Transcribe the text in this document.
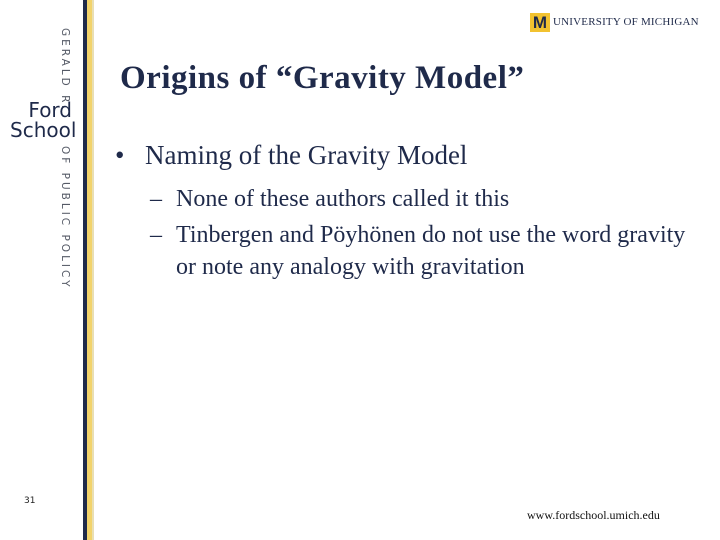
GERALD R.
Ford
School
OF PUBLIC POLICY
M UNIVERSITY OF MICHIGAN
Origins of “Gravity Model”
• Naming of the Gravity Model
– None of these authors called it this
– Tinbergen and Pöyhönen do not use the word gravity or note any analogy with gravitation
31
www.fordschool.umich.edu
